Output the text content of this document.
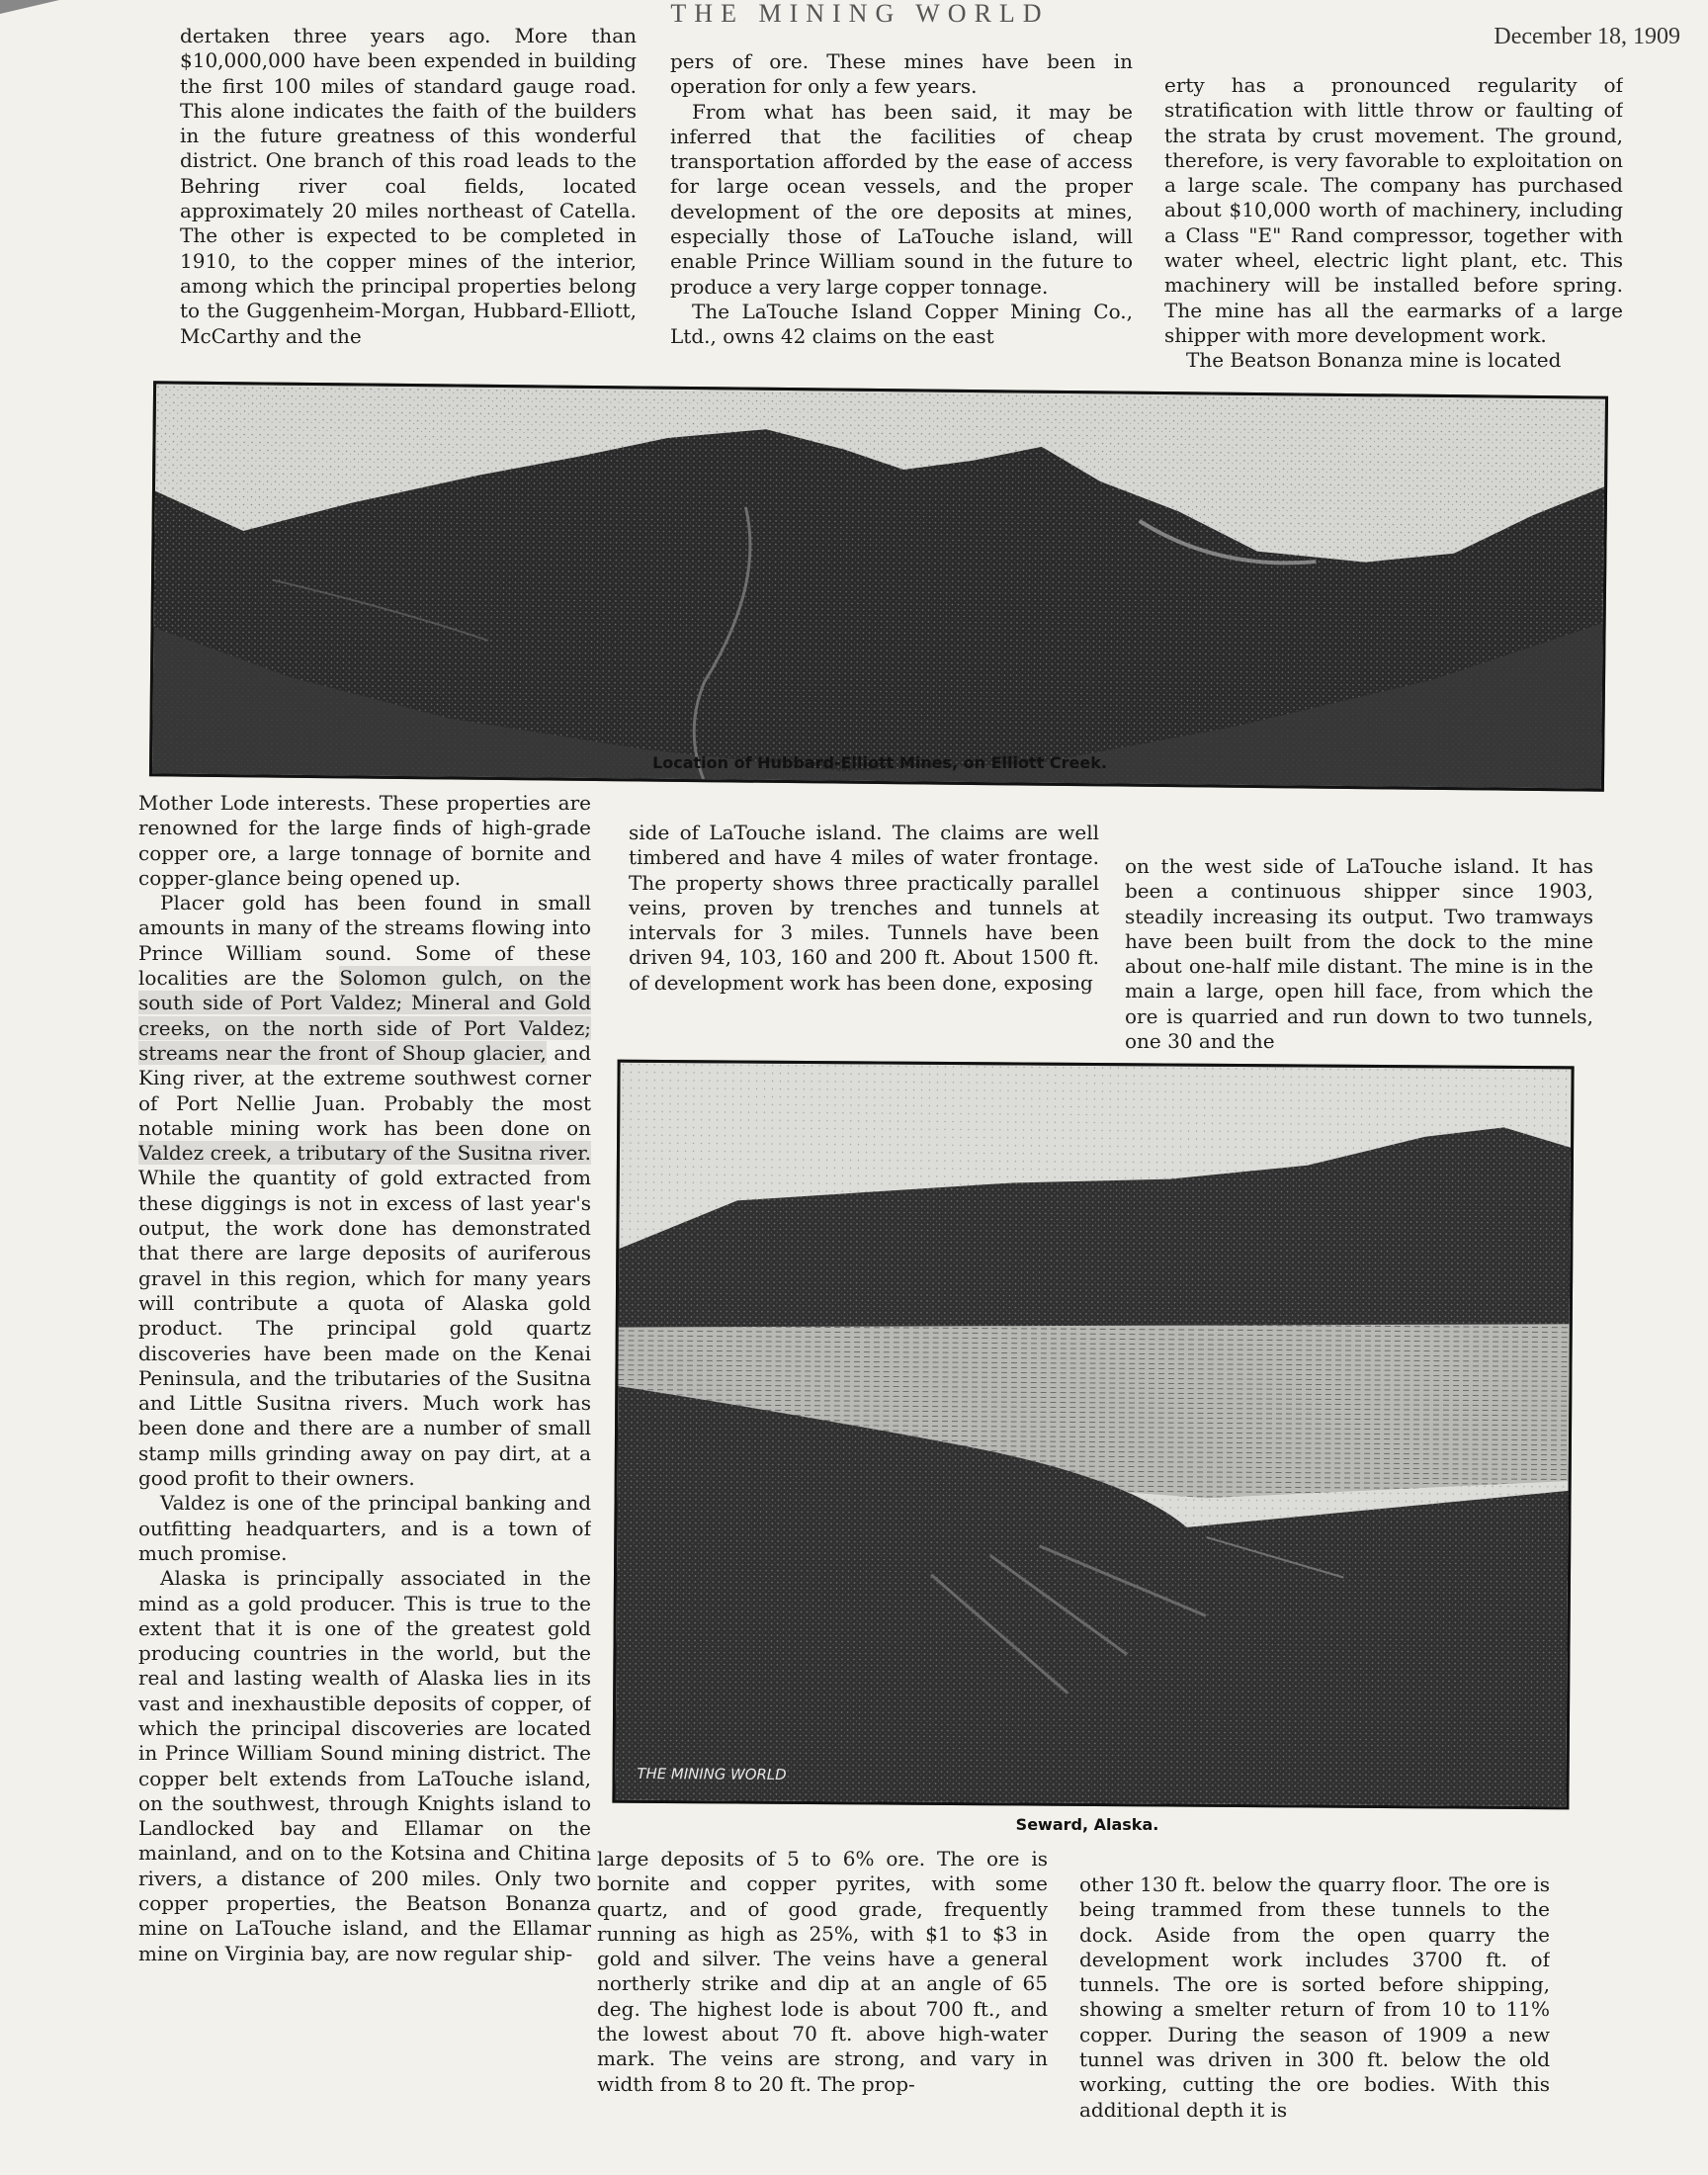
THE MINING WORLD
December 18, 1909

dertaken three years ago. More than $10,000,000 have been expended in building the first 100 miles of standard gauge road. This alone indicates the faith of the builders in the future greatness of this wonderful district. One branch of this road leads to the Behring river coal fields, located approximately 20 miles northeast of Catella. The other is expected to be completed in 1910, to the copper mines of the interior, among which the principal properties belong to the Guggenheim-Morgan, Hubbard-Elliott, McCarthy and the

pers of ore. These mines have been in operation for only a few years.

From what has been said, it may be inferred that the facilities of cheap transportation afforded by the ease of access for large ocean vessels, and the proper development of the ore deposits at mines, especially those of LaTouche island, will enable Prince William sound in the future to produce a very large copper tonnage.

The LaTouche Island Copper Mining Co., Ltd., owns 42 claims on the east

erty has a pronounced regularity of stratification with little throw or faulting of the strata by crust movement. The ground, therefore, is very favorable to exploitation on a large scale. The company has purchased about $10,000 worth of machinery, including a Class "E" Rand compressor, together with water wheel, electric light plant, etc. This machinery will be installed before spring. The mine has all the earmarks of a large shipper with more development work.

The Beatson Bonanza mine is located

Location of Hubbard-Elliott Mines, on Elliott Creek.

Mother Lode interests. These properties are renowned for the large finds of high-grade copper ore, a large tonnage of bornite and copper-glance being opened up.

Placer gold has been found in small amounts in many of the streams flowing into Prince William sound. Some of these localities are the Solomon gulch, on the south side of Port Valdez; Mineral and Gold creeks, on the north side of Port Valdez; streams near the front of Shoup glacier, and King river, at the extreme southwest corner of Port Nellie Juan. Probably the most notable mining work has been done on Valdez creek, a tributary of the Susitna river. While the quantity of gold extracted from these diggings is not in excess of last year's output, the work done has demonstrated that there are large deposits of auriferous gravel in this region, which for many years will contribute a quota of Alaska gold product. The principal gold quartz discoveries have been made on the Kenai Peninsula, and the tributaries of the Susitna and Little Susitna rivers. Much work has been done and there are a number of small stamp mills grinding away on pay dirt, at a good profit to their owners.

Valdez is one of the principal banking and outfitting headquarters, and is a town of much promise.

Alaska is principally associated in the mind as a gold producer. This is true to the extent that it is one of the greatest gold producing countries in the world, but the real and lasting wealth of Alaska lies in its vast and inexhaustible deposits of copper, of which the principal discoveries are located in Prince William Sound mining district. The copper belt extends from LaTouche island, on the southwest, through Knights island to Landlocked bay and Ellamar on the mainland, and on to the Kotsina and Chitina rivers, a distance of 200 miles. Only two copper properties, the Beatson Bonanza mine on LaTouche island, and the Ellamar mine on Virginia bay, are now regular ship-

side of LaTouche island. The claims are well timbered and have 4 miles of water frontage. The property shows three practically parallel veins, proven by trenches and tunnels at intervals for 3 miles. Tunnels have been driven 94, 103, 160 and 200 ft. About 1500 ft. of development work has been done, exposing

on the west side of LaTouche island. It has been a continuous shipper since 1903, steadily increasing its output. Two tramways have been built from the dock to the mine about one-half mile distant. The mine is in the main a large, open hill face, from which the ore is quarried and run down to two tunnels, one 30 and the

THE MINING WORLD
Seward, Alaska.

large deposits of 5 to 6% ore. The ore is bornite and copper pyrites, with some quartz, and of good grade, frequently running as high as 25%, with $1 to $3 in gold and silver. The veins have a general northerly strike and dip at an angle of 65 deg. The highest lode is about 700 ft., and the lowest about 70 ft. above high-water mark. The veins are strong, and vary in width from 8 to 20 ft. The prop-

other 130 ft. below the quarry floor. The ore is being trammed from these tunnels to the dock. Aside from the open quarry the development work includes 3700 ft. of tunnels. The ore is sorted before shipping, showing a smelter return of from 10 to 11% copper. During the season of 1909 a new tunnel was driven in 300 ft. below the old working, cutting the ore bodies. With this additional depth it is
